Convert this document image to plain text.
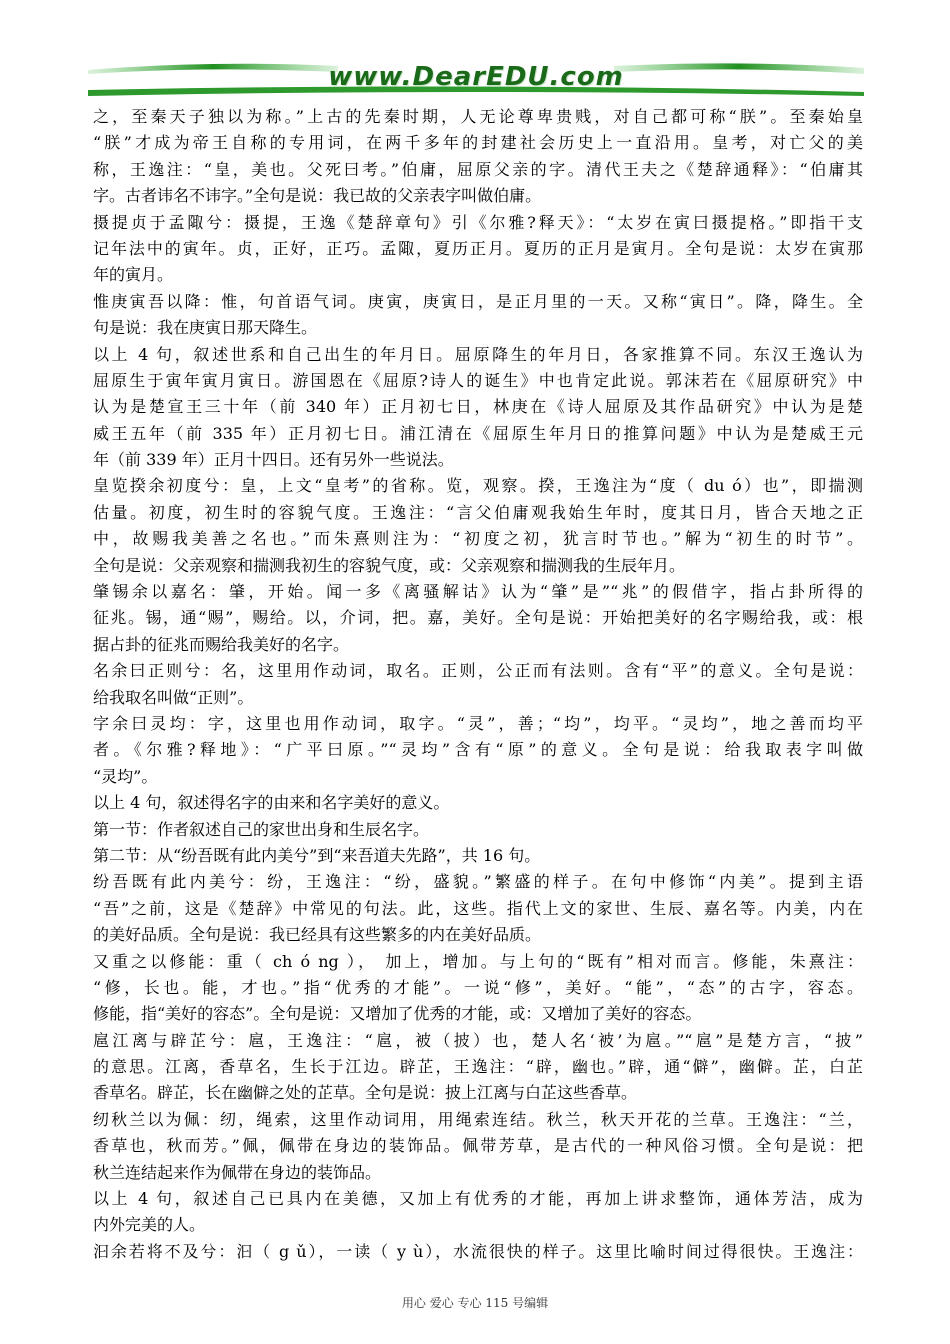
www.DearEDU.com
之，至秦天子独以为称。”上古的先秦时期，人无论尊卑贵贱，对自己都可称“朕”。至秦始皇
“朕”才成为帝王自称的专用词，在两千多年的封建社会历史上一直沿用。皇考，对亡父的美
称，王逸注：“皇，美也。父死曰考。”伯庸，屈原父亲的字。清代王夫之《楚辞通释》：“伯庸其
字。古者讳名不讳字。”全句是说：我已故的父亲表字叫做伯庸。
摄提贞于孟陬兮：摄提，王逸《楚辞章句》引《尔雅?释天》：“太岁在寅曰摄提格。”即指干支
记年法中的寅年。贞，正好，正巧。孟陬，夏历正月。夏历的正月是寅月。全句是说：太岁在寅那
年的寅月。
惟庚寅吾以降：惟，句首语气词。庚寅，庚寅日，是正月里的一天。又称“寅日”。降，降生。全
句是说：我在庚寅日那天降生。
以上 4 句，叙述世系和自己出生的年月日。屈原降生的年月日，各家推算不同。东汉王逸认为
屈原生于寅年寅月寅日。游国恩在《屈原?诗人的诞生》中也肯定此说。郭沫若在《屈原研究》中
认为是楚宣王三十年（前 340 年）正月初七日，林庚在《诗人屈原及其作品研究》中认为是楚
威王五年（前 335 年）正月初七日。浦江清在《屈原生年月日的推算问题》中认为是楚威王元
年（前 339 年）正月十四日。还有另外一些说法。
皇览揆余初度兮：皇，上文“皇考”的省称。览，观察。揆，王逸注为“度（ du ó）也”，即揣测
估量。初度，初生时的容貌气度。王逸注：“言父伯庸观我始生年时，度其日月，皆合天地之正
中，故赐我美善之名也。”而朱熹则注为：“初度之初，犹言时节也。”解为“初生的时节”。
全句是说：父亲观察和揣测我初生的容貌气度，或：父亲观察和揣测我的生辰年月。
肇锡余以嘉名：肇，开始。闻一多《离骚解诂》认为“肇”是”“兆”的假借字，指占卦所得的
征兆。锡，通“赐”，赐给。以，介词，把。嘉，美好。全句是说：开始把美好的名字赐给我，或：根
据占卦的征兆而赐给我美好的名字。
名余曰正则兮：名，这里用作动词，取名。正则，公正而有法则。含有“平”的意义。全句是说：
给我取名叫做“正则”。
字余曰灵均：字，这里也用作动词，取字。“灵”，善；“均”，均平。“灵均”，地之善而均平
者。《尔雅?释地》：“广平曰原。”“灵均”含有“原”的意义。全句是说：给我取表字叫做
“灵均”。
以上 4 句，叙述得名字的由来和名字美好的意义。
第一节：作者叙述自己的家世出身和生辰名字。
第二节：从“纷吾既有此内美兮”到“来吾道夫先路”，共 16 句。
纷吾既有此内美兮：纷，王逸注：“纷，盛貌。”繁盛的样子。在句中修饰“内美”。提到主语
“吾”之前，这是《楚辞》中常见的句法。此，这些。指代上文的家世、生辰、嘉名等。内美，内在
的美好品质。全句是说：我已经具有这些繁多的内在美好品质。
又重之以修能：重（ ch ó ng ）， 加上，增加。与上句的“既有”相对而言。修能，朱熹注：
“修，长也。能，才也。”指“优秀的才能”。一说“修”，美好。“能”，“态”的古字，容态。
修能，指“美好的容态”。全句是说：又增加了优秀的才能，或：又增加了美好的容态。
扈江离与辟芷兮：扈，王逸注：“扈，被（披）也，楚人名‘被’为扈。”“扈”是楚方言，“披”
的意思。江离，香草名，生长于江边。辟芷，王逸注：“辟，幽也。”辟，通“僻”，幽僻。芷，白芷
香草名。辟芷，长在幽僻之处的芷草。全句是说：披上江离与白芷这些香草。
纫秋兰以为佩：纫，绳索，这里作动词用，用绳索连结。秋兰，秋天开花的兰草。王逸注：“兰，
香草也，秋而芳。”佩，佩带在身边的装饰品。佩带芳草，是古代的一种风俗习惯。全句是说：把
秋兰连结起来作为佩带在身边的装饰品。
以上 4 句，叙述自己已具内在美德，又加上有优秀的才能，再加上讲求整饰，通体芳洁，成为
内外完美的人。
汩余若将不及兮：汩（ g ǔ），一读（ y ù），水流很快的样子。这里比喻时间过得很快。王逸注：
用心 爱心 专心 115 号编辑
